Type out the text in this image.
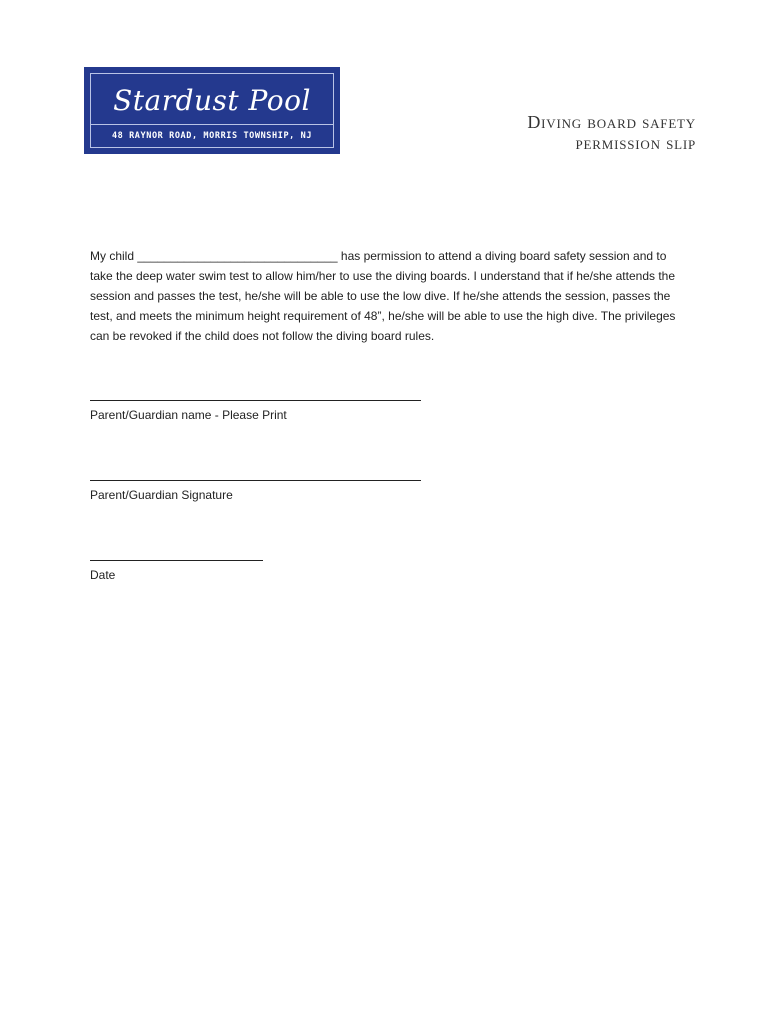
Stardust Pool
48 RAYNOR ROAD, MORRIS TOWNSHIP, NJ
Diving board safety
permission slip
My child ______________________________ has permission to attend a diving board safety session and to take the deep water swim test to allow him/her to use the diving boards. I understand that if he/she attends the session and passes the test, he/she will be able to use the low dive. If he/she attends the session, passes the test, and meets the minimum height requirement of 48”, he/she will be able to use the high dive. The privileges can be revoked if the child does not follow the diving board rules.
Parent/Guardian name - Please Print
Parent/Guardian Signature
Date
